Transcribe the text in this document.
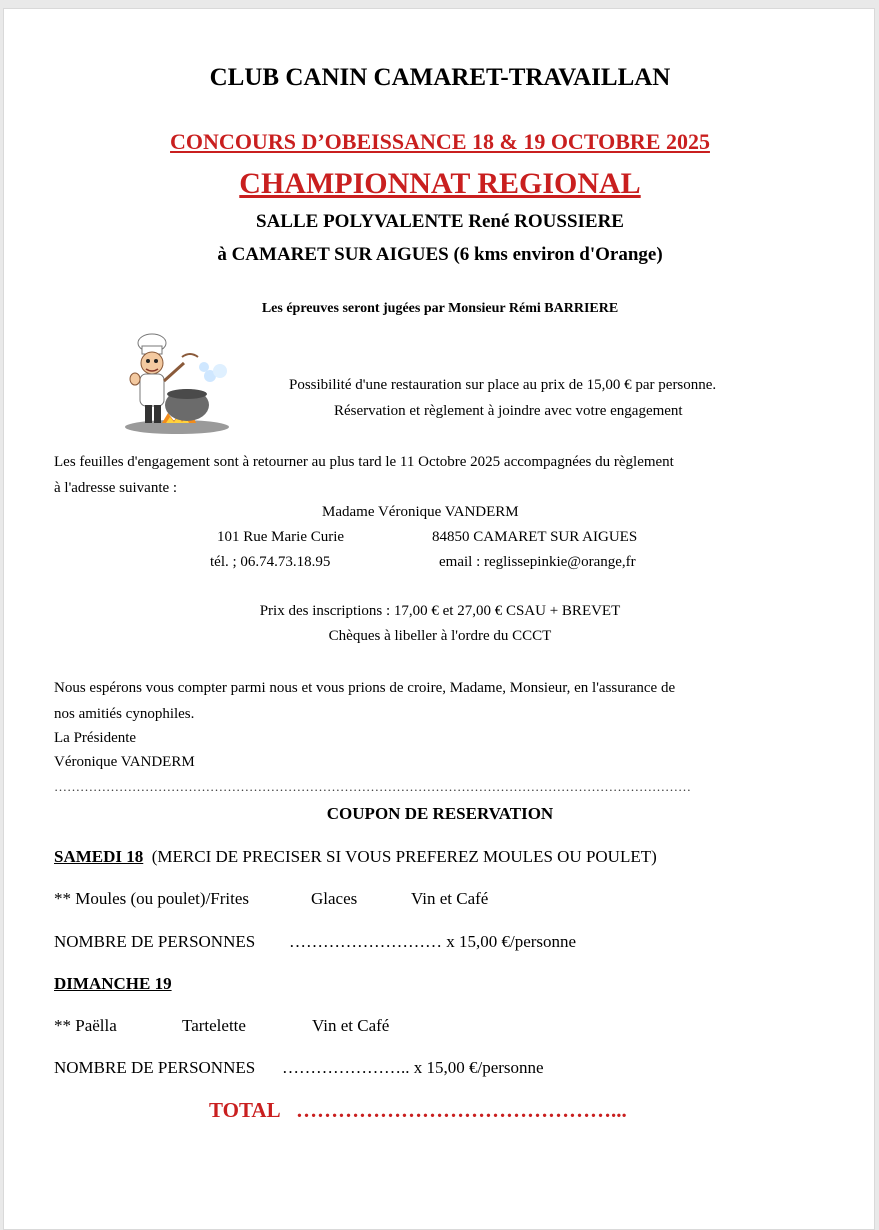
CLUB CANIN CAMARET-TRAVAILLAN
CONCOURS D’OBEISSANCE 18 & 19 OCTOBRE 2025
CHAMPIONNAT REGIONAL
SALLE POLYVALENTE René ROUSSIERE
à CAMARET SUR AIGUES (6 kms environ d'Orange)
Les épreuves seront jugées par Monsieur Rémi BARRIERE
Possibilité d'une restauration sur place au prix de 15,00 € par personne.
Réservation et règlement à joindre avec votre engagement
Les feuilles d'engagement sont à retourner au plus tard le 11 Octobre 2025 accompagnées du règlement
à l'adresse suivante :
Madame Véronique VANDERM
101 Rue Marie Curie	84850 CAMARET SUR AIGUES
tél. ; 06.74.73.18.95	email : reglissepinkie@orange,fr
Prix des inscriptions : 17,00 € et 27,00 € CSAU + BREVET
Chèques à libeller à l'ordre du CCCT
Nous espérons vous compter parmi nous et vous prions de croire, Madame, Monsieur, en l'assurance de
nos amitiés cynophiles.
La Présidente
Véronique VANDERM
…………………………………………………………………………………………………………………………………
COUPON DE RESERVATION
SAMEDI 18 (MERCI DE PRECISER SI VOUS PREFEREZ MOULES OU POULET)
** Moules (ou poulet)/Frites	Glaces	Vin et Café
NOMBRE DE PERSONNES ……………………… x 15,00 €/personne
DIMANCHE 19
** Paëlla	Tartelette	Vin et Café
NOMBRE DE PERSONNES ………………….. x 15,00 €/personne
TOTAL ………………………………………...
